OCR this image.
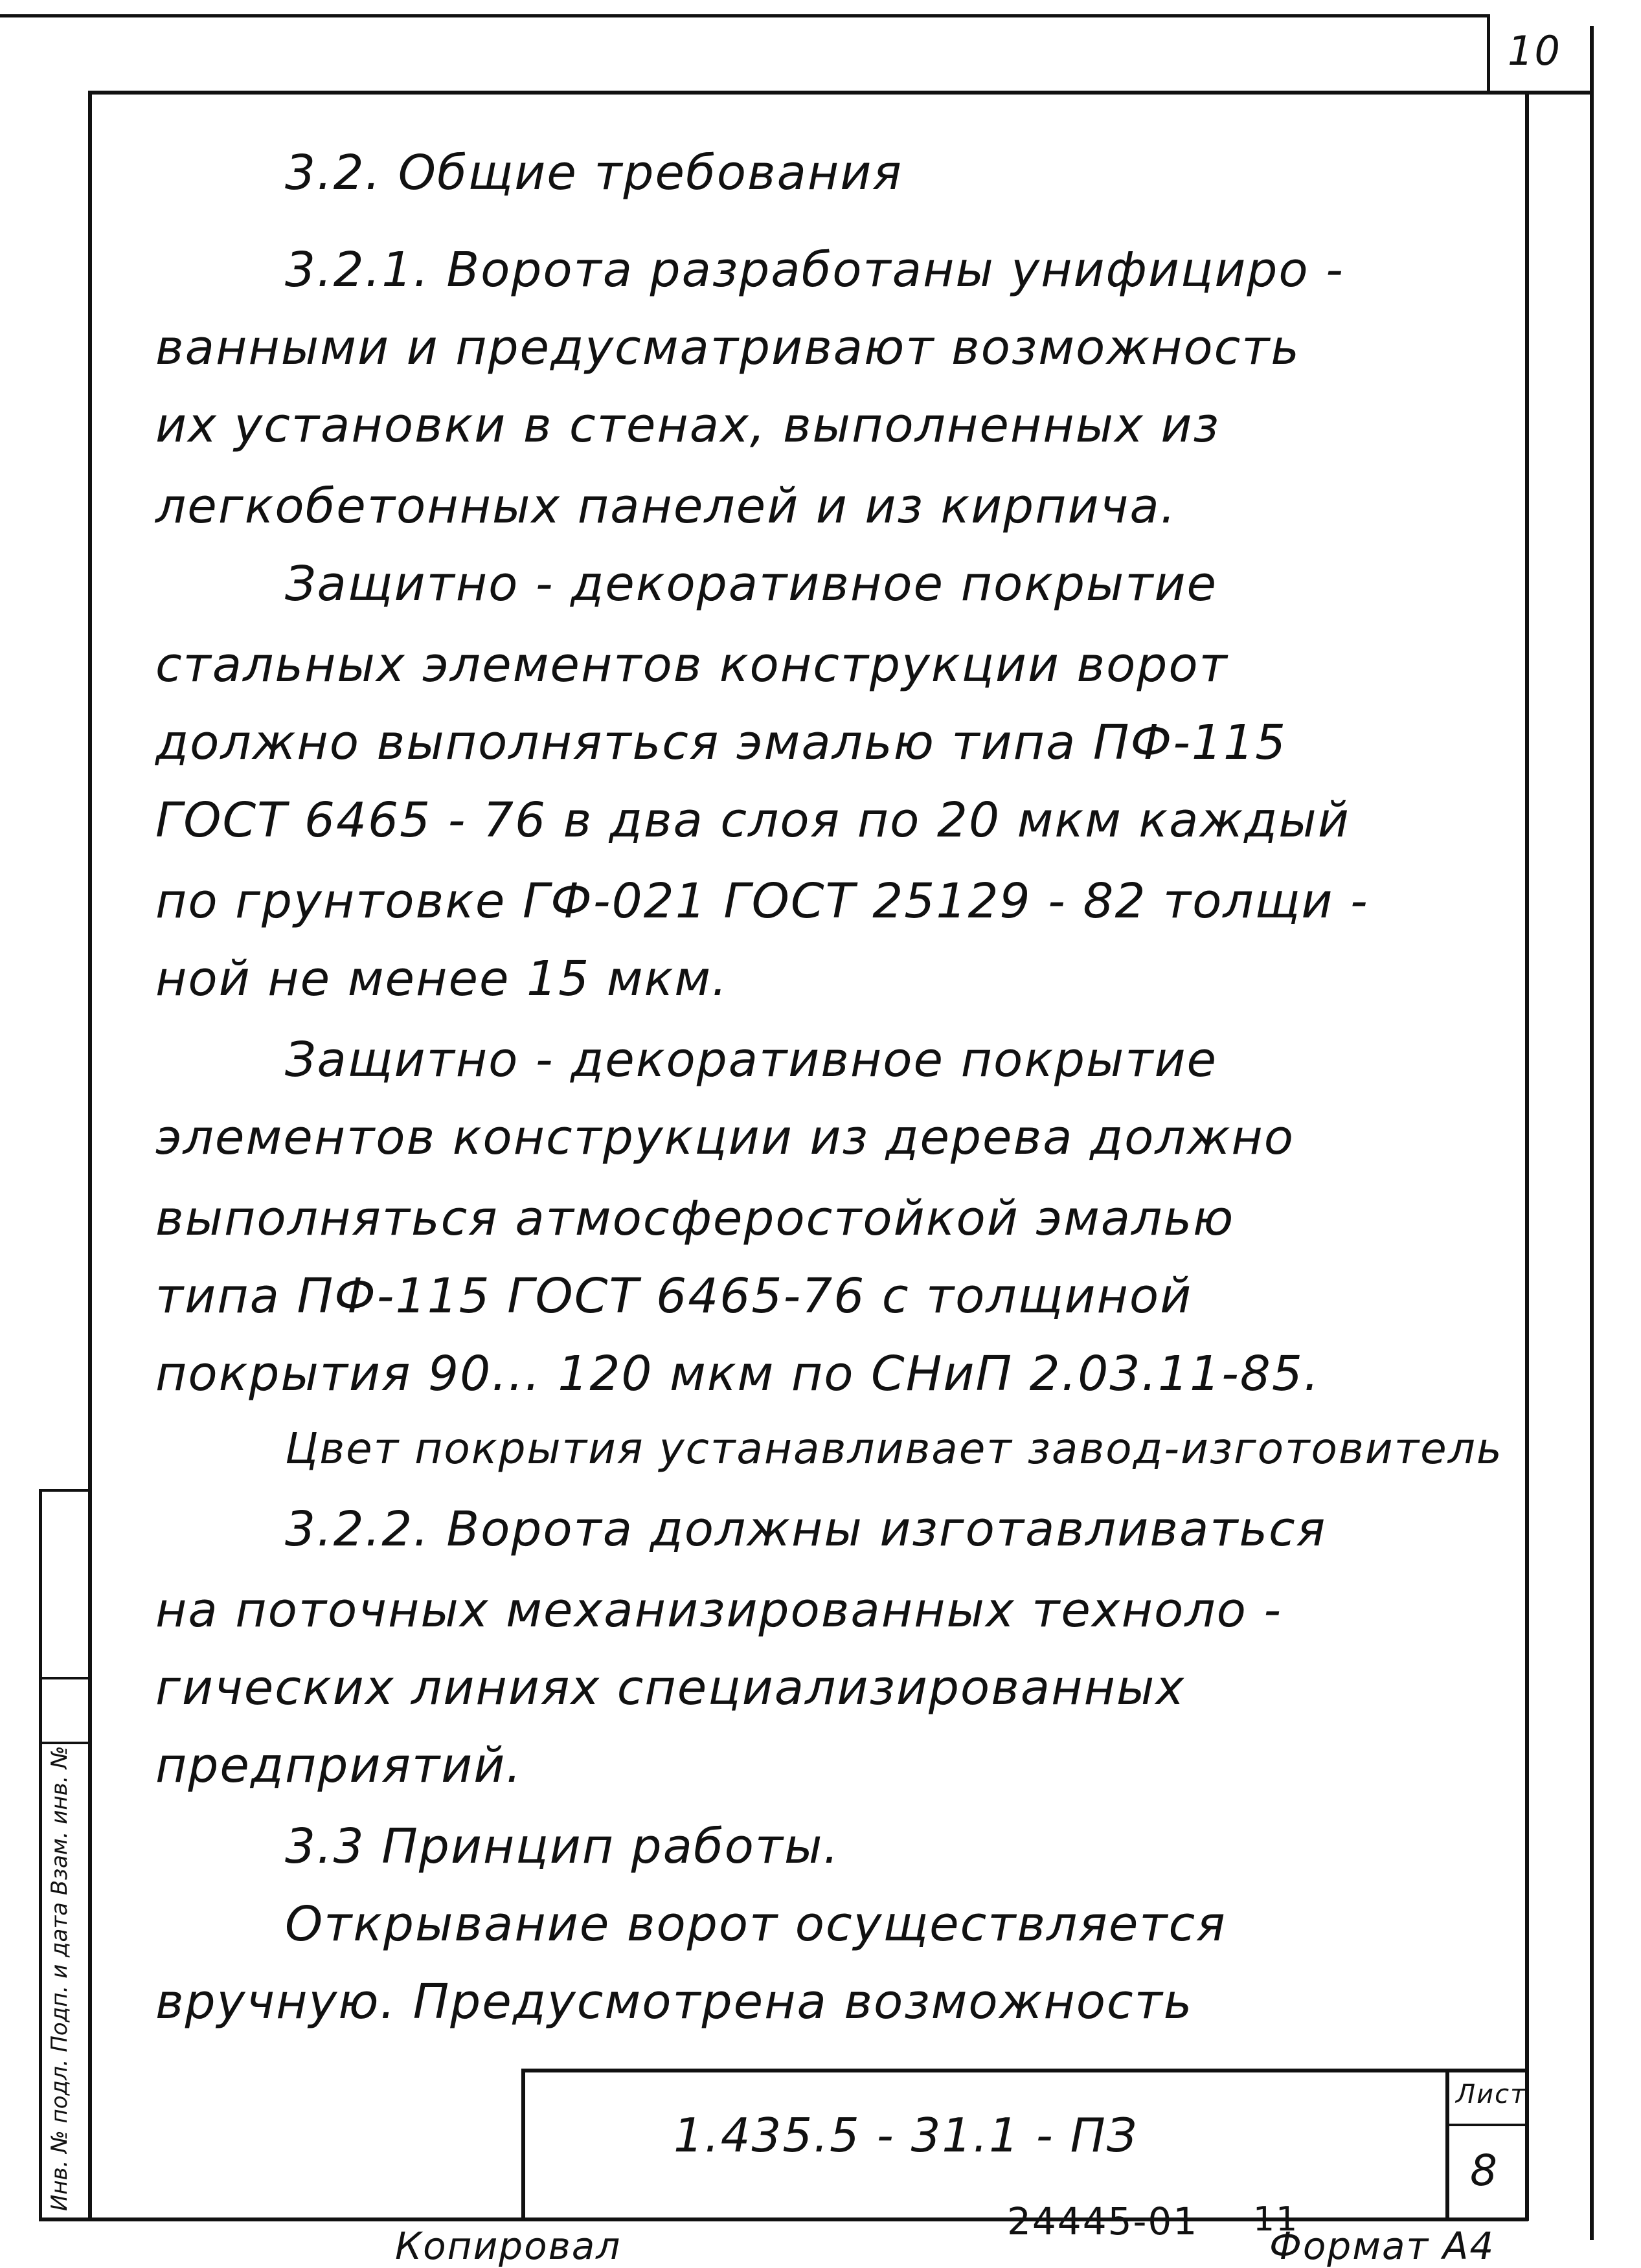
10
Инв. № подл. Подп. и дата Взам. инв. №
3.2. Общие требования
3.2.1. Ворота разработаны унифициро -
ванными и предусматривают возможность
их установки в стенах, выполненных из
легкобетонных панелей и из кирпича.
Защитно - декоративное покрытие
стальных элементов конструкции ворот
должно выполняться эмалью типа ПФ-115
ГОСТ 6465 - 76 в два слоя по 20 мкм каждый
по грунтовке ГФ-021 ГОСТ 25129 - 82 толщи -
ной не менее 15 мкм.
Защитно - декоративное покрытие
элементов конструкции из дерева должно
выполняться атмосферостойкой эмалью
типа ПФ-115 ГОСТ 6465-76 с толщиной
покрытия 90... 120 мкм по СНиП 2.03.11-85.
Цвет покрытия устанавливает завод-изготовитель
3.2.2. Ворота должны изготавливаться
на поточных механизированных техноло -
гических линиях специализированных
предприятий.
3.3 Принцип работы.
Открывание ворот осуществляется
вручную. Предусмотрена возможность
1.435.5 - 31.1 - ПЗ
Лист
8
Копировал
24445-01 11
Формат А4
